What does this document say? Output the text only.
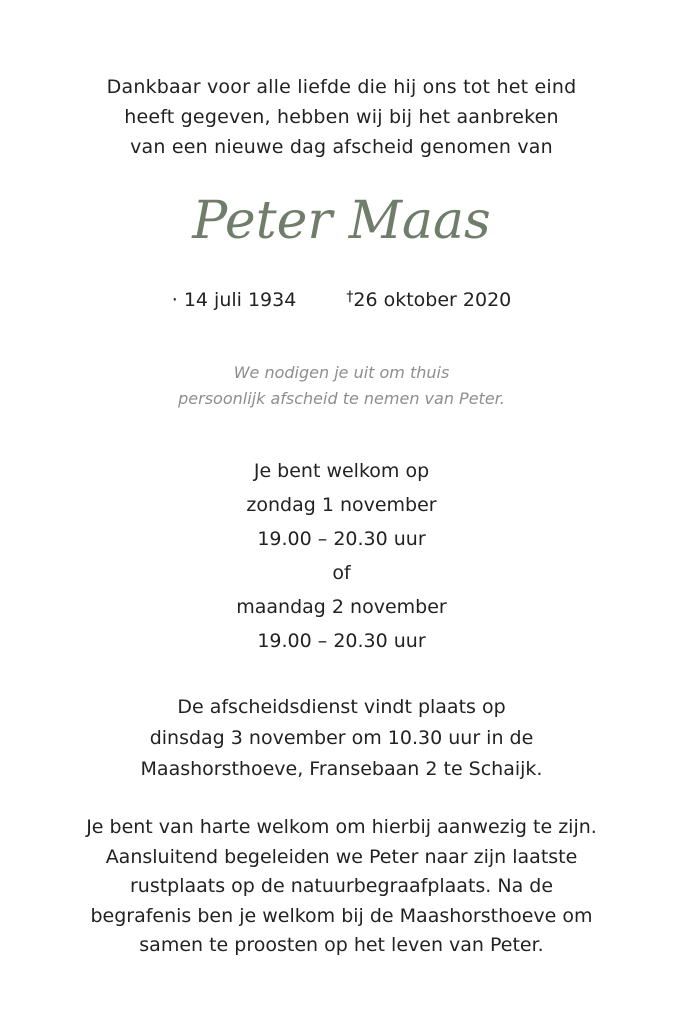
Dankbaar voor alle liefde die hij ons tot het eind
heeft gegeven, hebben wij bij het aanbreken
van een nieuwe dag afscheid genomen van
Peter Maas
· 14 juli 1934	†26 oktober 2020
We nodigen je uit om thuis
persoonlijk afscheid te nemen van Peter.
Je bent welkom op
zondag 1 november
19.00 – 20.30 uur
of
maandag 2 november
19.00 – 20.30 uur
De afscheidsdienst vindt plaats op
dinsdag 3 november om 10.30 uur in de
Maashorsthoeve, Fransebaan 2 te Schaijk.
Je bent van harte welkom om hierbij aanwezig te zijn.
Aansluitend begeleiden we Peter naar zijn laatste
rustplaats op de natuurbegraafplaats. Na de
begrafenis ben je welkom bij de Maashorsthoeve om
samen te proosten op het leven van Peter.
